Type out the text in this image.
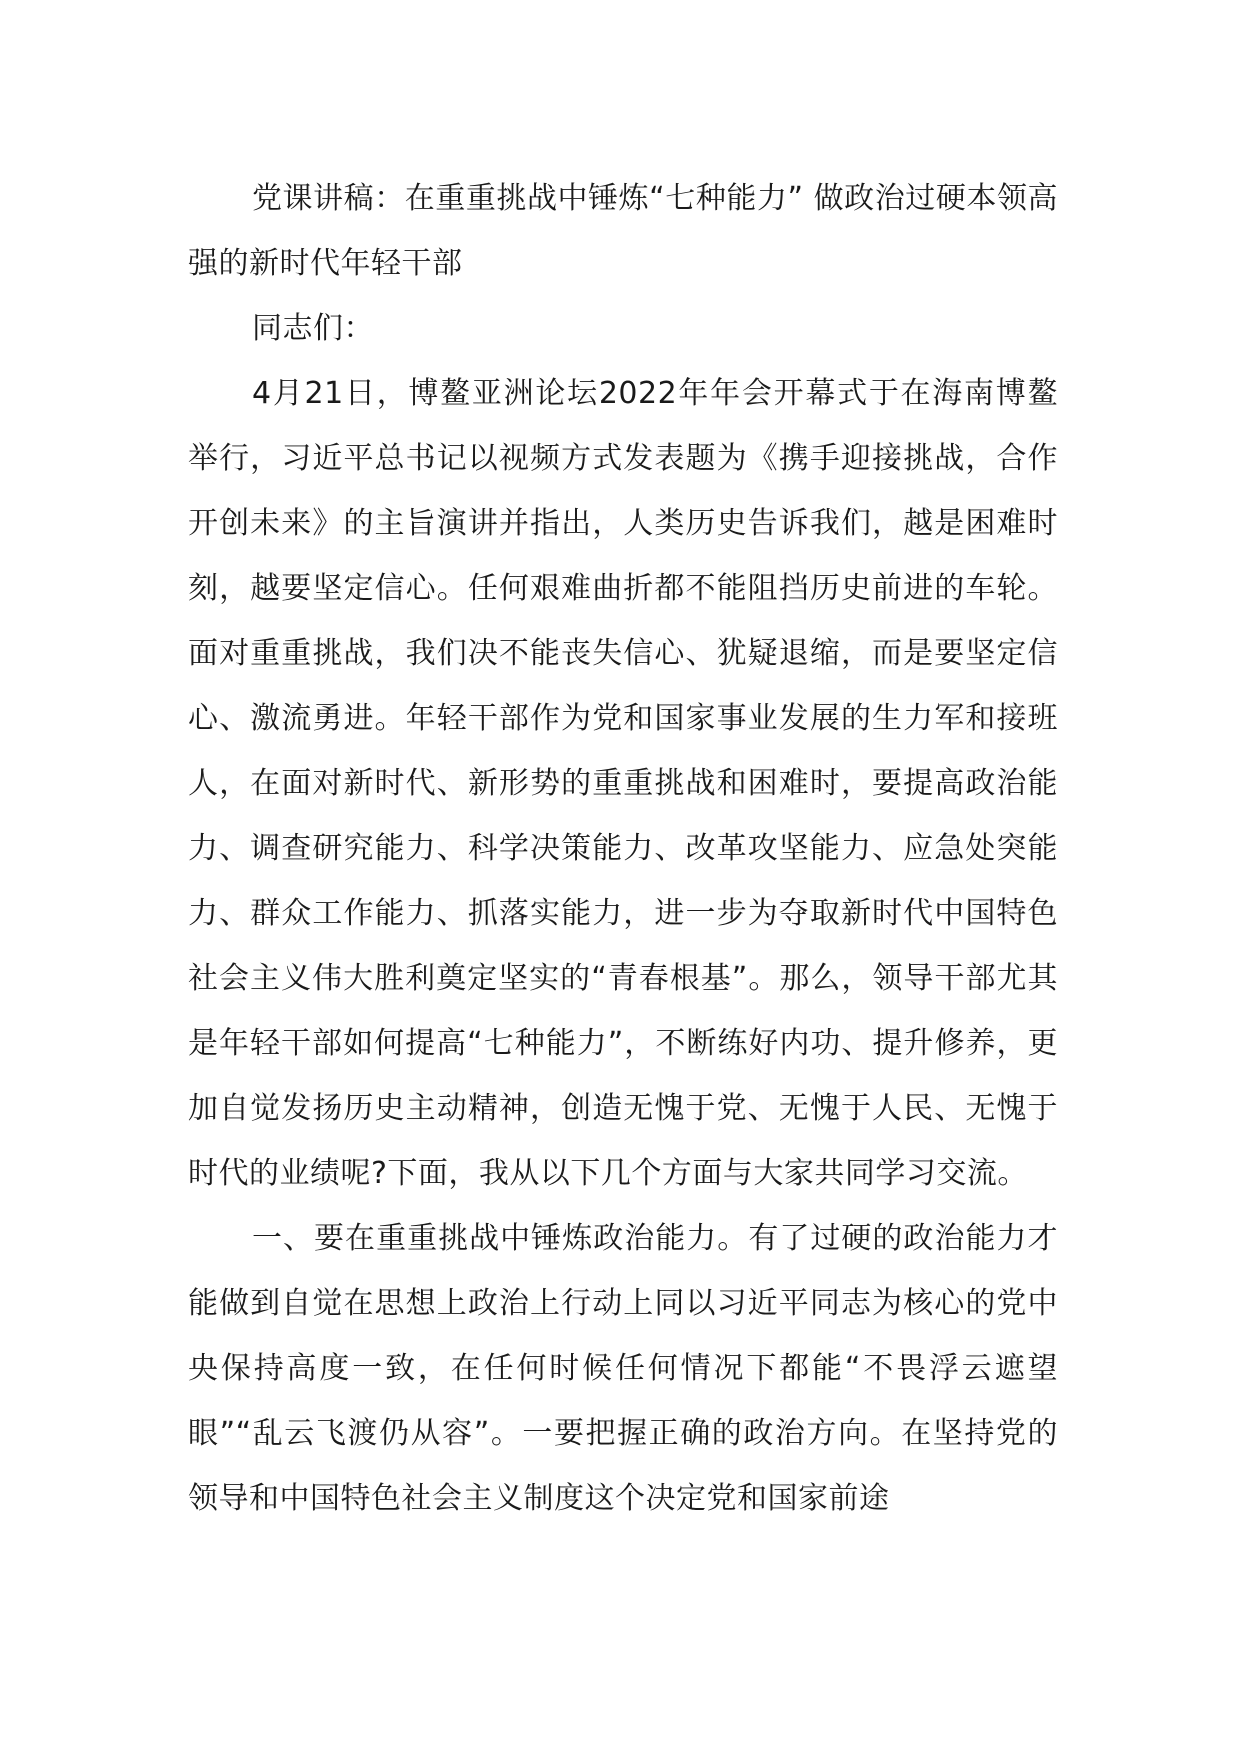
党课讲稿：在重重挑战中锤炼“七种能力” 做政治过硬本领高强的新时代年轻干部

同志们：

4月21日，博鳌亚洲论坛2022年年会开幕式于在海南博鳌举行，习近平总书记以视频方式发表题为《携手迎接挑战，合作开创未来》的主旨演讲并指出，人类历史告诉我们，越是困难时刻，越要坚定信心。任何艰难曲折都不能阻挡历史前进的车轮。面对重重挑战，我们决不能丧失信心、犹疑退缩，而是要坚定信心、激流勇进。年轻干部作为党和国家事业发展的生力军和接班人，在面对新时代、新形势的重重挑战和困难时，要提高政治能力、调查研究能力、科学决策能力、改革攻坚能力、应急处突能力、群众工作能力、抓落实能力，进一步为夺取新时代中国特色社会主义伟大胜利奠定坚实的“青春根基”。那么，领导干部尤其是年轻干部如何提高“七种能力”，不断练好内功、提升修养，更加自觉发扬历史主动精神，创造无愧于党、无愧于人民、无愧于时代的业绩呢?下面，我从以下几个方面与大家共同学习交流。

一、要在重重挑战中锤炼政治能力。有了过硬的政治能力才能做到自觉在思想上政治上行动上同以习近平同志为核心的党中央保持高度一致，在任何时候任何情况下都能“不畏浮云遮望眼”“乱云飞渡仍从容”。一要把握正确的政治方向。在坚持党的领导和中国特色社会主义制度这个决定党和国家前途
